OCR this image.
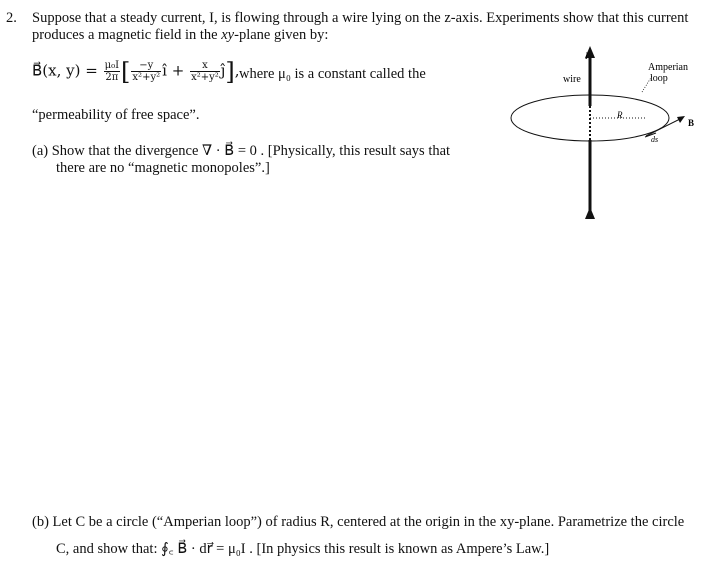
2. Suppose that a steady current, I, is flowing through a wire lying on the z-axis. Experiments show that this current
produces a magnetic field in the xy-plane given by:
B⃗(x, $y) = \frac{\text{μ₀I}}{2\pi}$ [ $\frac{-y}{\text{x²+y²}}$ î + $\frac{x}{\text{x²+y²}}$ ĵ], where μ₀ is a constant called the
“permeability of free space”.
(a) Show that the divergence ∇ · B⃗ = 0 . [Physically, this result says that
there are no “magnetic monopoles”.]
(b) Let C be a circle (“Amperian loop”) of radius R, centered at the origin in the xy-plane. Parametrize the circle
C, and show that: ∮꜀ B⃗ · dr⃗ = μ₀I . [In physics this result is known as Ampere’s Law.]
I
wire
Amperian
loop
R
B
ds
